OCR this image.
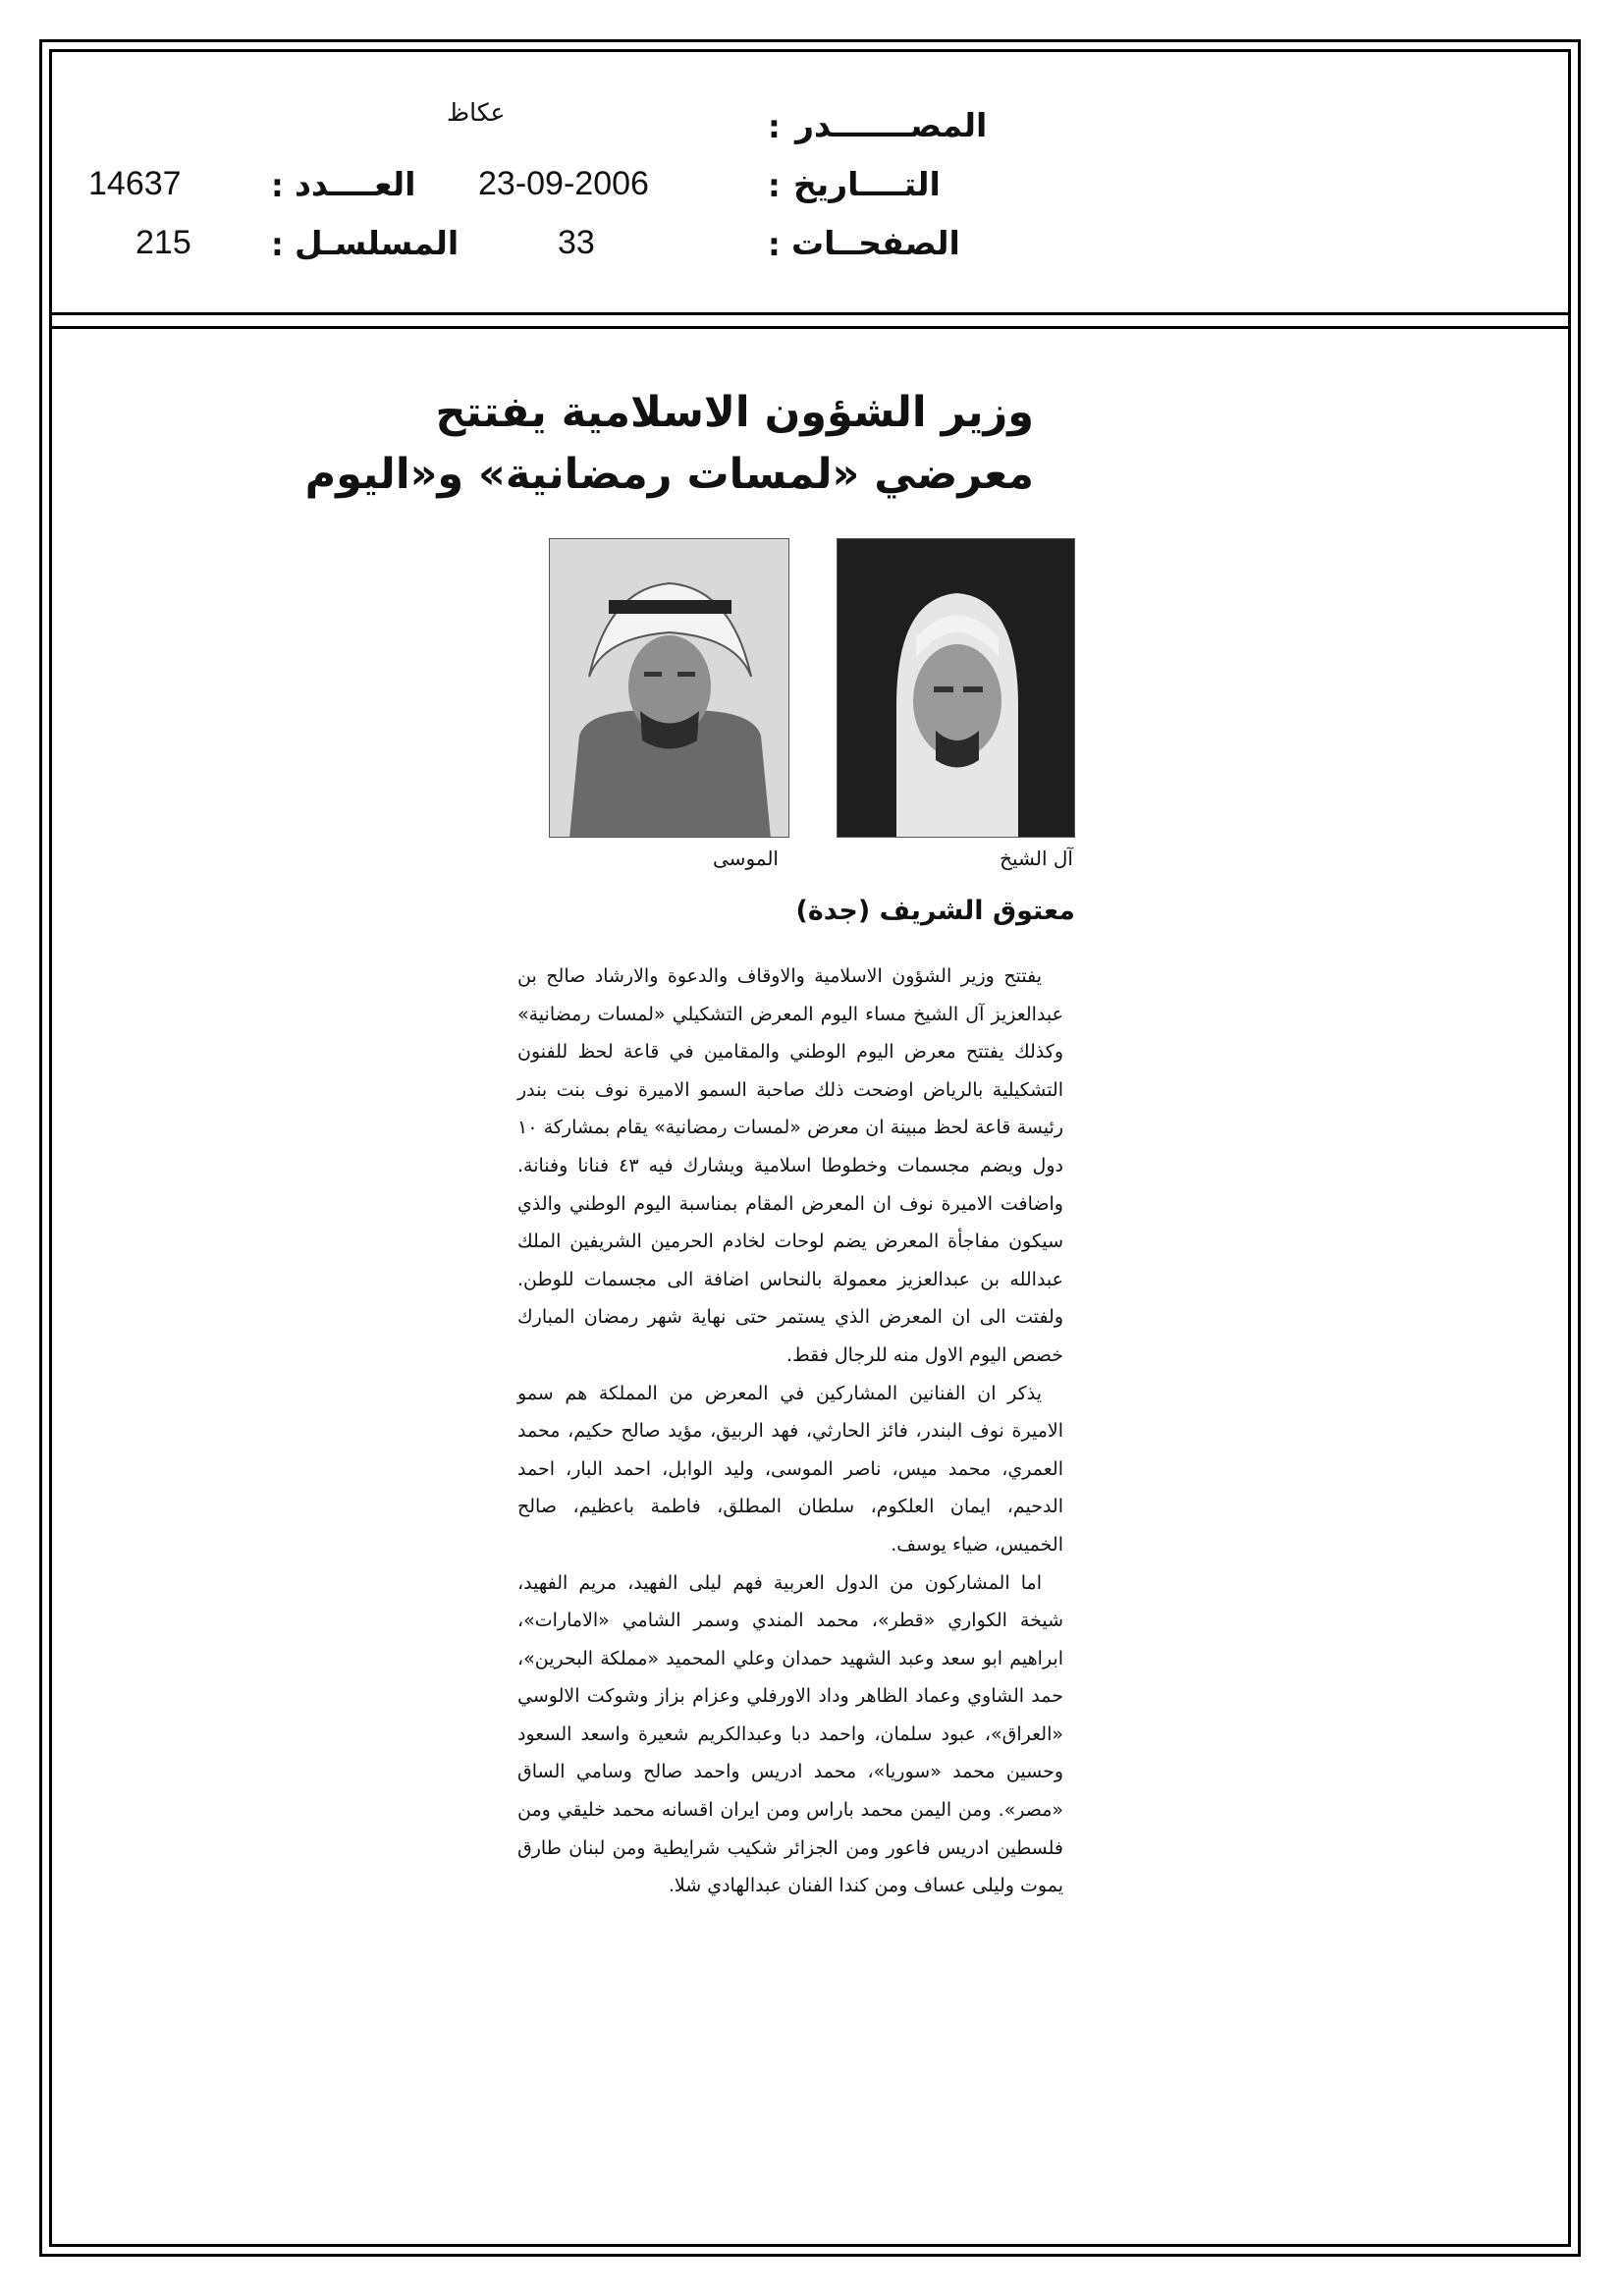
المصـــــــدر
:
عكاظ
التــــاريخ
:
23-09-2006
العــــدد
:
14637
الصفحــات
:
33
المسلسـل
:
215
وزير الشؤون الاسلامية يفتتح
معرضي «لمسات رمضانية» و«اليوم
آل الشيخ
الموسى
معتوق الشريف (جدة)

يفتتح وزير الشؤون الاسلامية والاوقاف والدعوة والارشاد صالح بن عبدالعزيز آل الشيخ مساء اليوم المعرض التشكيلي «لمسات رمضانية» وكذلك يفتتح معرض اليوم الوطني والمقامين في قاعة لحظ للفنون التشكيلية بالرياض اوضحت ذلك صاحبة السمو الاميرة نوف بنت بندر رئيسة قاعة لحظ مبينة ان معرض «لمسات رمضانية» يقام بمشاركة ١٠ دول ويضم مجسمات وخطوطا اسلامية ويشارك فيه ٤٣ فنانا وفنانة. واضافت الاميرة نوف ان المعرض المقام بمناسبة اليوم الوطني والذي سيكون مفاجأة المعرض يضم لوحات لخادم الحرمين الشريفين الملك عبدالله بن عبدالعزيز معمولة بالنحاس اضافة الى مجسمات للوطن. ولفتت الى ان المعرض الذي يستمر حتى نهاية شهر رمضان المبارك خصص اليوم الاول منه للرجال فقط.

يذكر ان الفنانين المشاركين في المعرض من المملكة هم سمو الاميرة نوف البندر، فائز الحارثي، فهد الربيق، مؤيد صالح حكيم، محمد العمري، محمد ميس، ناصر الموسى، وليد الوابل، احمد البار، احمد الدحيم، ايمان العلكوم، سلطان المطلق، فاطمة باعظيم، صالح الخميس، ضياء يوسف.

اما المشاركون من الدول العربية فهم ليلى الفهيد، مريم الفهيد، شيخة الكواري «قطر»، محمد المندي وسمر الشامي «الامارات»، ابراهيم ابو سعد وعبد الشهيد حمدان وعلي المحميد «مملكة البحرين»، حمد الشاوي وعماد الظاهر وداد الاورفلي وعزام بزاز وشوكت الالوسي «العراق»، عبود سلمان، واحمد دبا وعبدالكريم شعيرة واسعد السعود وحسين محمد «سوريا»، محمد ادريس واحمد صالح وسامي الساق «مصر». ومن اليمن محمد باراس ومن ايران اقسانه محمد خليقي ومن فلسطين ادريس فاعور ومن الجزائر شكيب شرايطية ومن لبنان طارق يموت وليلى عساف ومن كندا الفنان عبدالهادي شلا.
